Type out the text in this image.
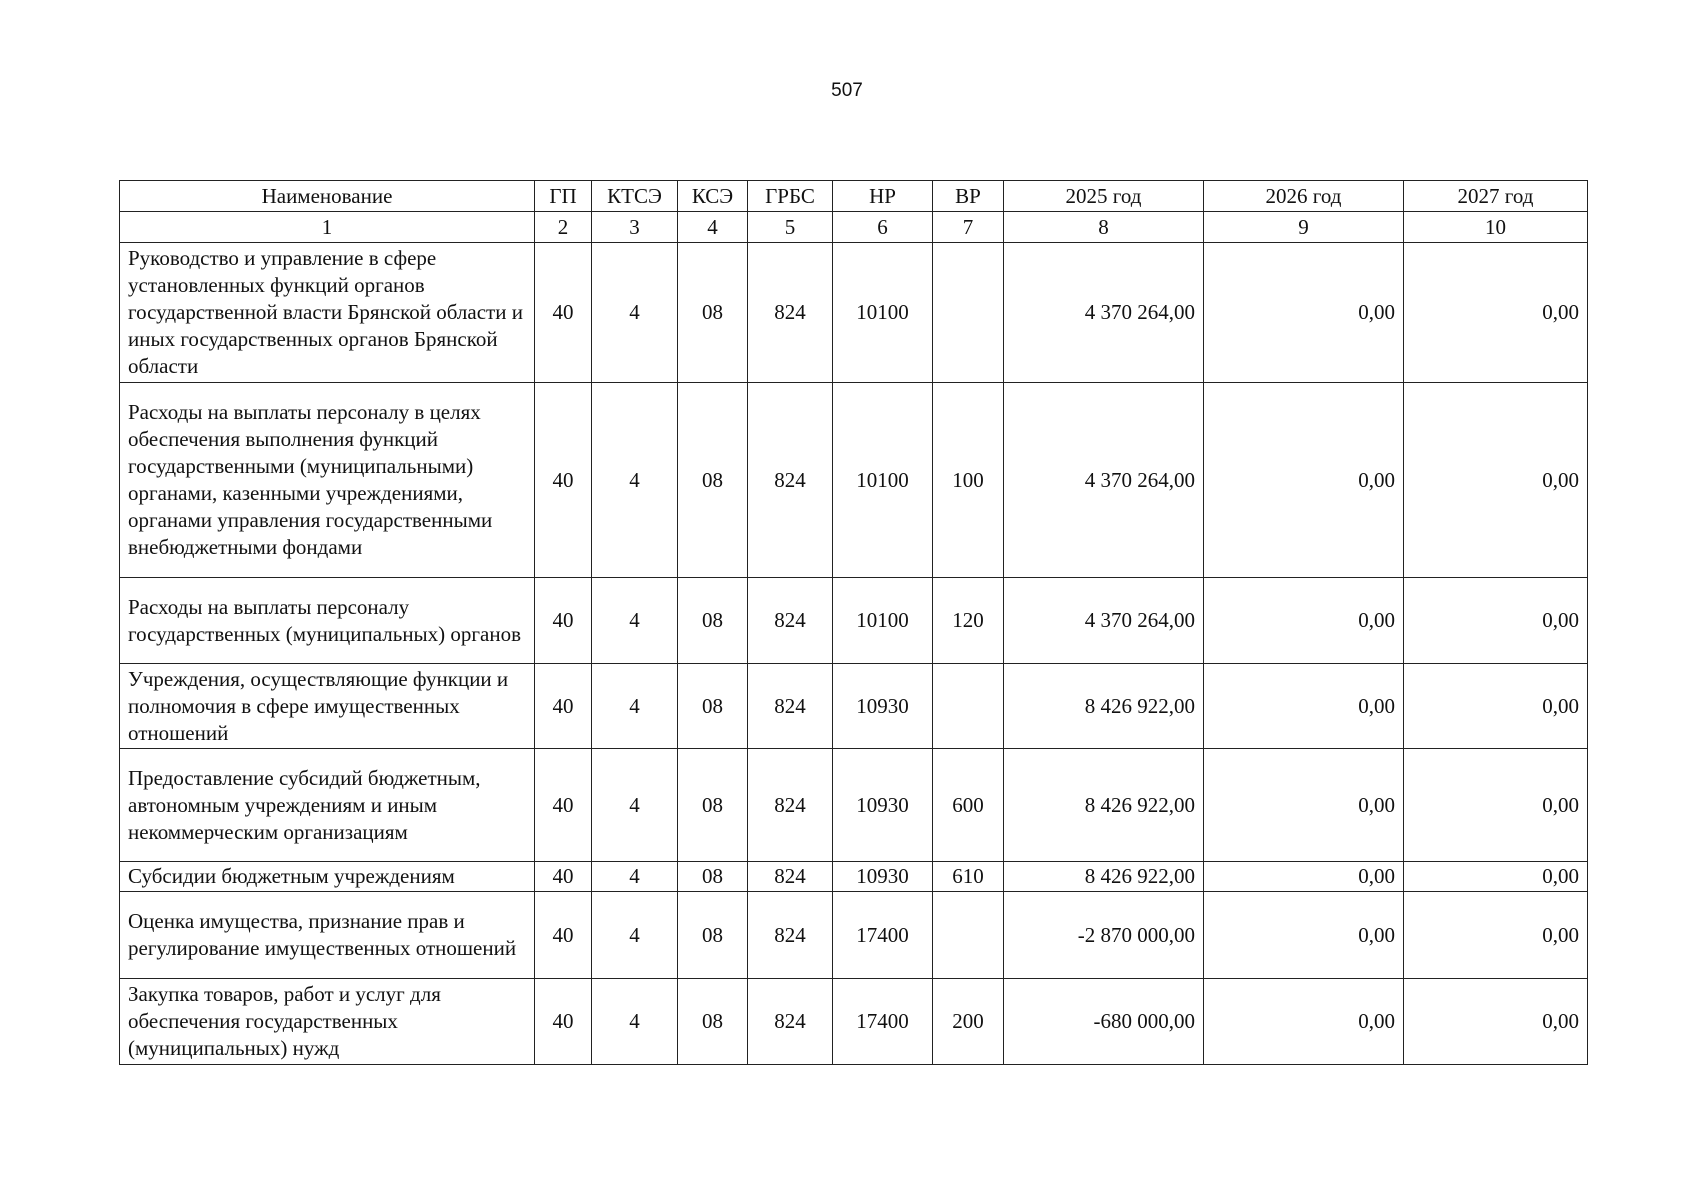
507
Наименование	ГП	КТСЭ	КСЭ	ГРБС	НР	ВР	2025 год	2026 год	2027 год
1	2	3	4	5	6	7	8	9	10
Руководство и управление в сфере установленных функций органов государственной власти Брянской области и иных государственных органов Брянской области	40	4	08	824	10100		4 370 264,00	0,00	0,00
Расходы на выплаты персоналу в целях обеспечения выполнения функций государственными (муниципальными) органами, казенными учреждениями, органами управления государственными внебюджетными фондами	40	4	08	824	10100	100	4 370 264,00	0,00	0,00
Расходы на выплаты персоналу государственных (муниципальных) органов	40	4	08	824	10100	120	4 370 264,00	0,00	0,00
Учреждения, осуществляющие функции и полномочия в сфере имущественных отношений	40	4	08	824	10930		8 426 922,00	0,00	0,00
Предоставление субсидий бюджетным, автономным учреждениям и иным некоммерческим организациям	40	4	08	824	10930	600	8 426 922,00	0,00	0,00
Субсидии бюджетным учреждениям	40	4	08	824	10930	610	8 426 922,00	0,00	0,00
Оценка имущества, признание прав и регулирование имущественных отношений	40	4	08	824	17400		-2 870 000,00	0,00	0,00
Закупка товаров, работ и услуг для обеспечения государственных (муниципальных) нужд	40	4	08	824	17400	200	-680 000,00	0,00	0,00
